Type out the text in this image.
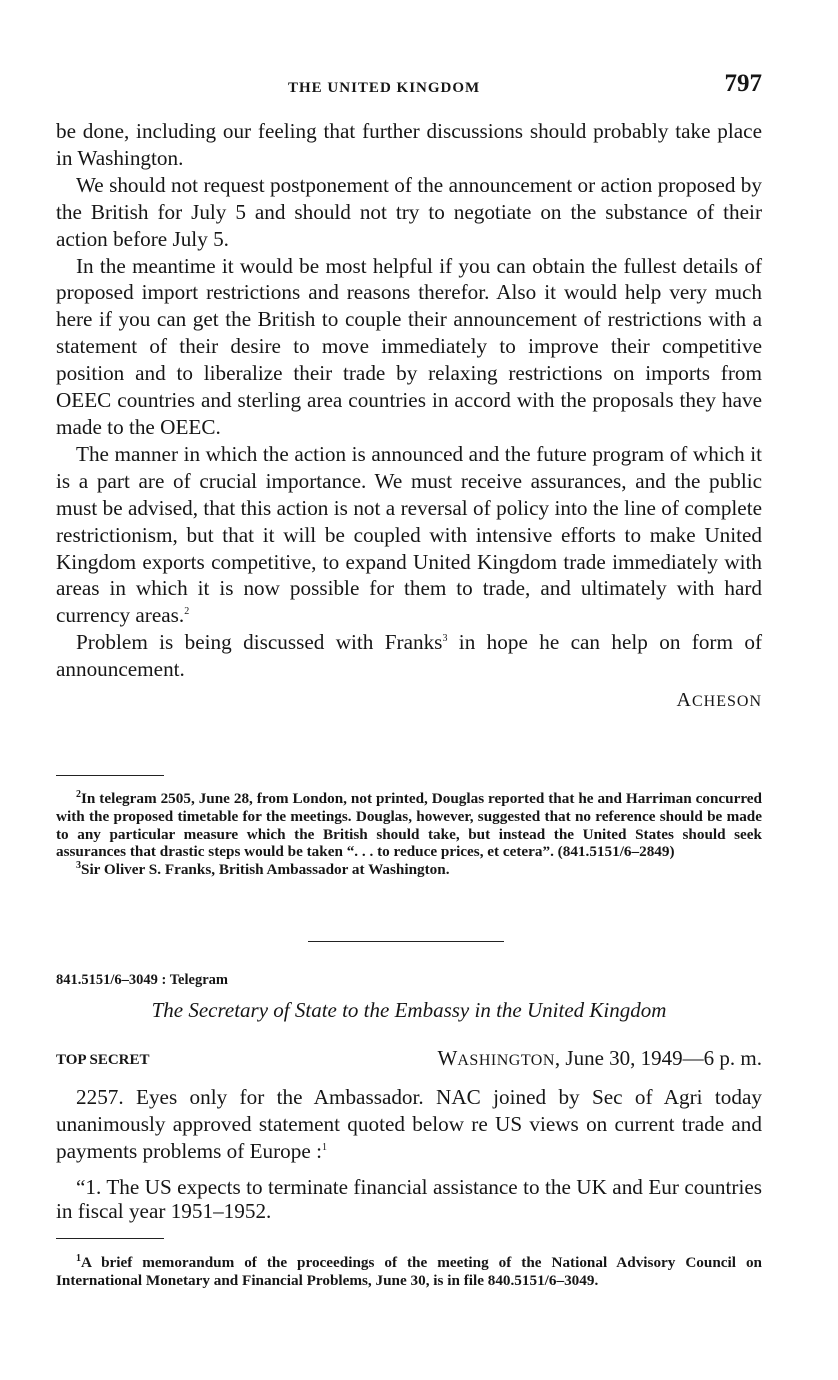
THE UNITED KINGDOM	797

be done, including our feeling that further discussions should probably take place in Washington.

We should not request postponement of the announcement or action proposed by the British for July 5 and should not try to negotiate on the substance of their action before July 5.

In the meantime it would be most helpful if you can obtain the fullest details of proposed import restrictions and reasons therefor. Also it would help very much here if you can get the British to couple their announcement of restrictions with a statement of their desire to move immediately to improve their competitive position and to liberalize their trade by relaxing restrictions on imports from OEEC countries and sterling area countries in accord with the proposals they have made to the OEEC.

The manner in which the action is announced and the future program of which it is a part are of crucial importance. We must receive assurances, and the public must be advised, that this action is not a reversal of policy into the line of complete restrictionism, but that it will be coupled with intensive efforts to make United Kingdom exports competitive, to expand United Kingdom trade immediately with areas in which it is now possible for them to trade, and ultimately with hard currency areas.$^2$

Problem is being discussed with Franks$^3$ in hope he can help on form of announcement.

ACHESON

$^2$In telegram 2505, June 28, from London, not printed, Douglas reported that he and Harriman concurred with the proposed timetable for the meetings. Douglas, however, suggested that no reference should be made to any particular measure which the British should take, but instead the United States should seek assurances that drastic steps would be taken “. . . to reduce prices, et cetera”. (841.5151/6–2849)

$^3$Sir Oliver S. Franks, British Ambassador at Washington.

841.5151/6–3049 : Telegram
The Secretary of State to the Embassy in the United Kingdom
TOP SECRET	WASHINGTON, June 30, 1949—6 p. m.

2257. Eyes only for the Ambassador. NAC joined by Sec of Agri today unanimously approved statement quoted below re US views on current trade and payments problems of Europe :$^1$

“1. The US expects to terminate financial assistance to the UK and Eur countries in fiscal year 1951–1952.

$^1$A brief memorandum of the proceedings of the meeting of the National Advisory Council on International Monetary and Financial Problems, June 30, is in file 840.5151/6–3049.
